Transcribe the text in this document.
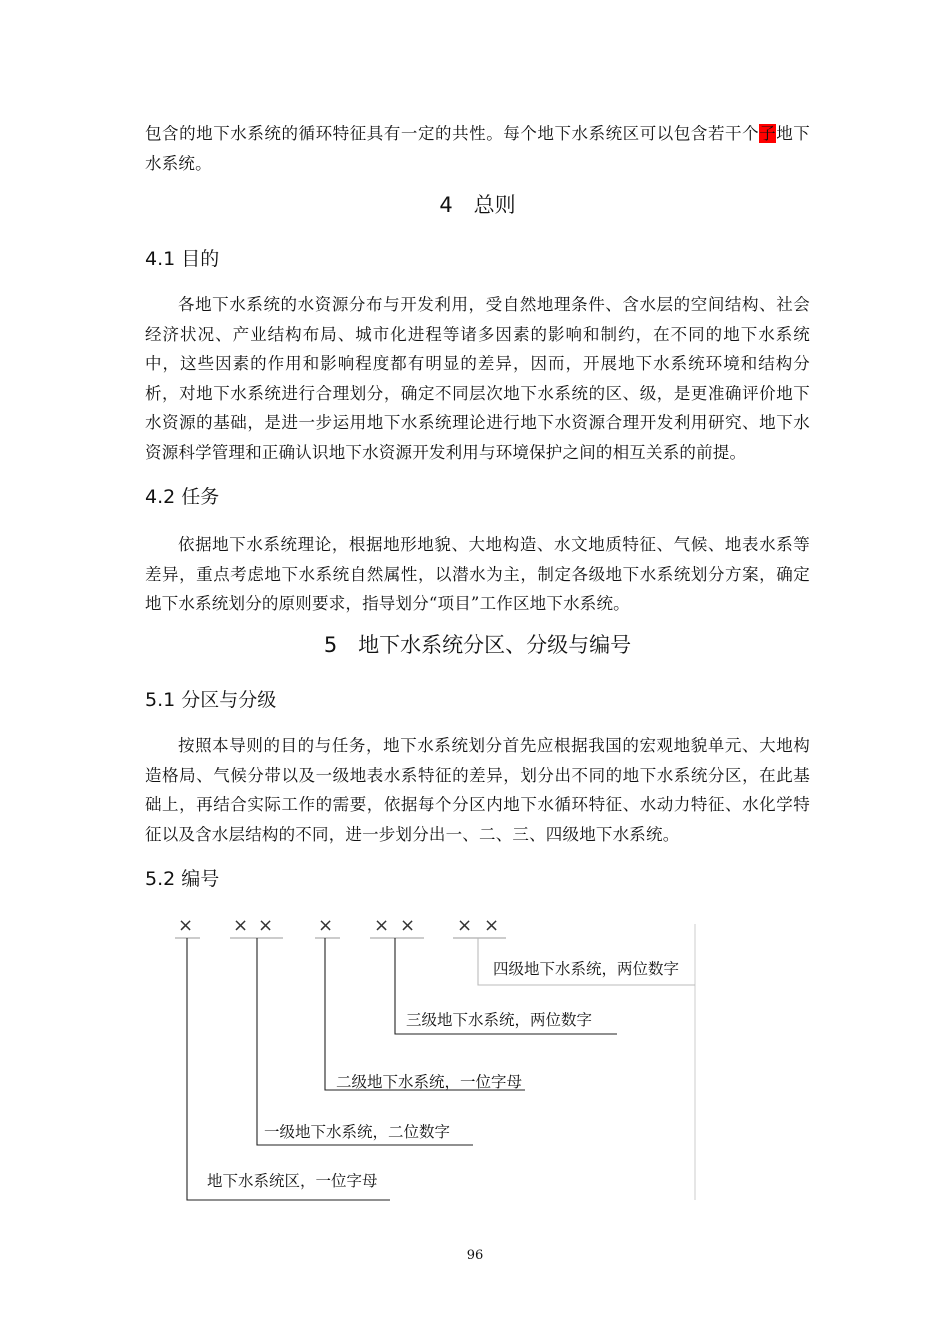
包含的地下水系统的循环特征具有一定的共性。每个地下水系统区可以包含若干个子地下水系统。
4　总则
4.1 目的
各地下水系统的水资源分布与开发利用，受自然地理条件、含水层的空间结构、社会经济状况、产业结构布局、城市化进程等诸多因素的影响和制约，在不同的地下水系统中，这些因素的作用和影响程度都有明显的差异，因而，开展地下水系统环境和结构分析，对地下水系统进行合理划分，确定不同层次地下水系统的区、级，是更准确评价地下水资源的基础，是进一步运用地下水系统理论进行地下水资源合理开发利用研究、地下水资源科学管理和正确认识地下水资源开发利用与环境保护之间的相互关系的前提。
4.2 任务
依据地下水系统理论，根据地形地貌、大地构造、水文地质特征、气候、地表水系等差异，重点考虑地下水系统自然属性，以潜水为主，制定各级地下水系统划分方案，确定地下水系统划分的原则要求，指导划分“项目”工作区地下水系统。
5　地下水系统分区、分级与编号
5.1 分区与分级
按照本导则的目的与任务，地下水系统划分首先应根据我国的宏观地貌单元、大地构造格局、气候分带以及一级地表水系特征的差异，划分出不同的地下水系统分区，在此基础上，再结合实际工作的需要，依据每个分区内地下水循环特征、水动力特征、水化学特征以及含水层结构的不同，进一步划分出一、二、三、四级地下水系统。
5.2 编号
× × × × × × × ×
四级地下水系统，两位数字
三级地下水系统，两位数字
二级地下水系统，一位字母
一级地下水系统，二位数字
地下水系统区，一位字母
96
